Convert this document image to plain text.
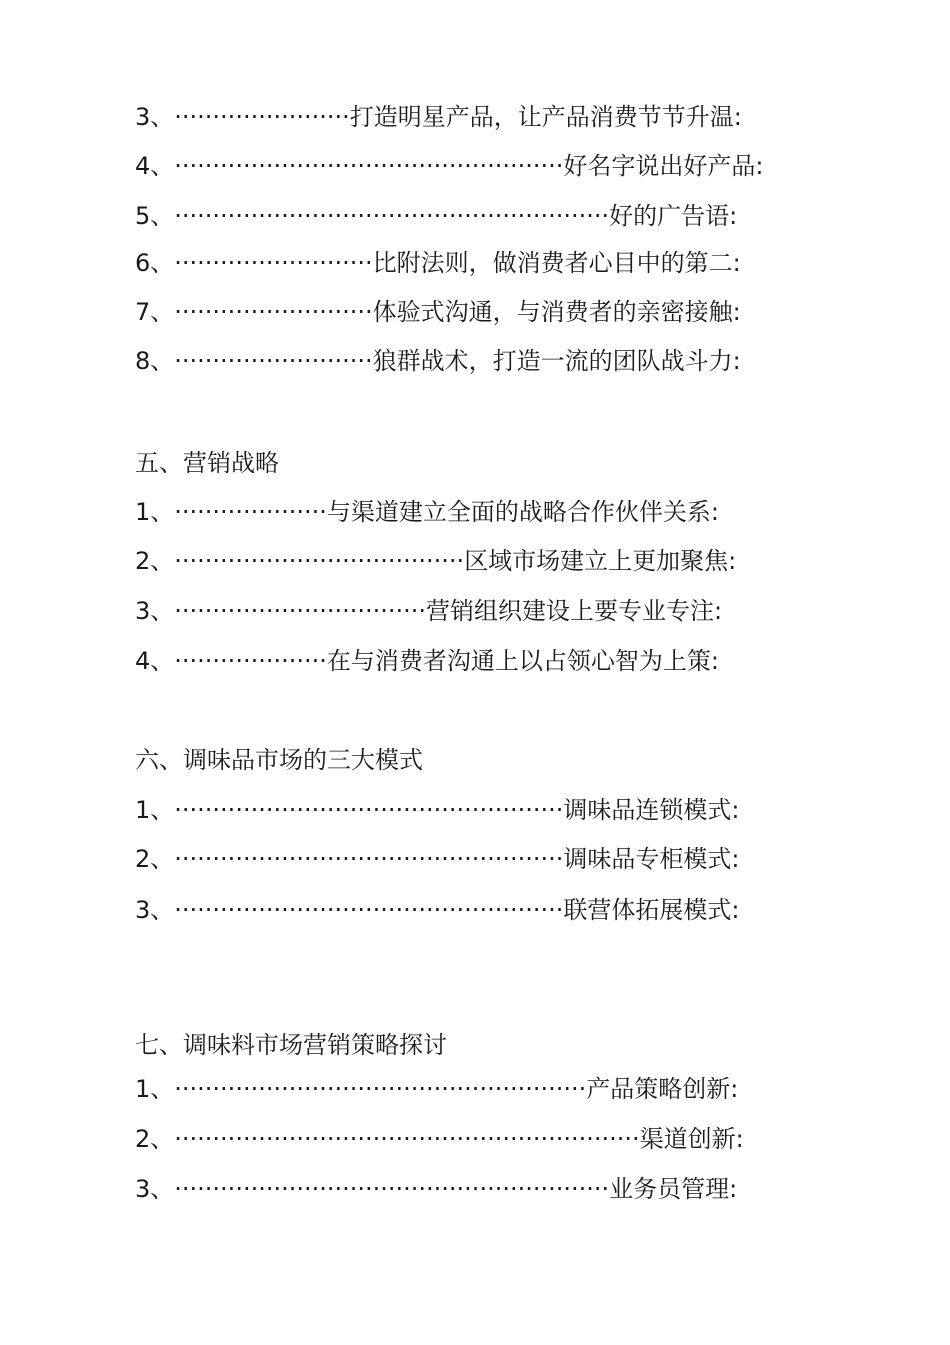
3、 ······················· 打造明星产品，让产品消费节节升温:
4、 ··················································· 好名字说出好产品:
5、 ························································· 好的广告语:
6、 ·························· 比附法则，做消费者心目中的第二:
7、 ·························· 体验式沟通，与消费者的亲密接触:
8、 ·························· 狼群战术，打造一流的团队战斗力:
五、营销战略
1、 ···················· 与渠道建立全面的战略合作伙伴关系:
2、 ······································ 区域市场建立上更加聚焦:
3、 ································· 营销组织建设上要专业专注:
4、 ···················· 在与消费者沟通上以占领心智为上策:
六、调味品市场的三大模式
1、 ··················································· 调味品连锁模式:
2、 ··················································· 调味品专柜模式:
3、 ··················································· 联营体拓展模式:
七、调味料市场营销策略探讨
1、 ······················································ 产品策略创新:
2、 ····························································· 渠道创新:
3、 ························································· 业务员管理:
